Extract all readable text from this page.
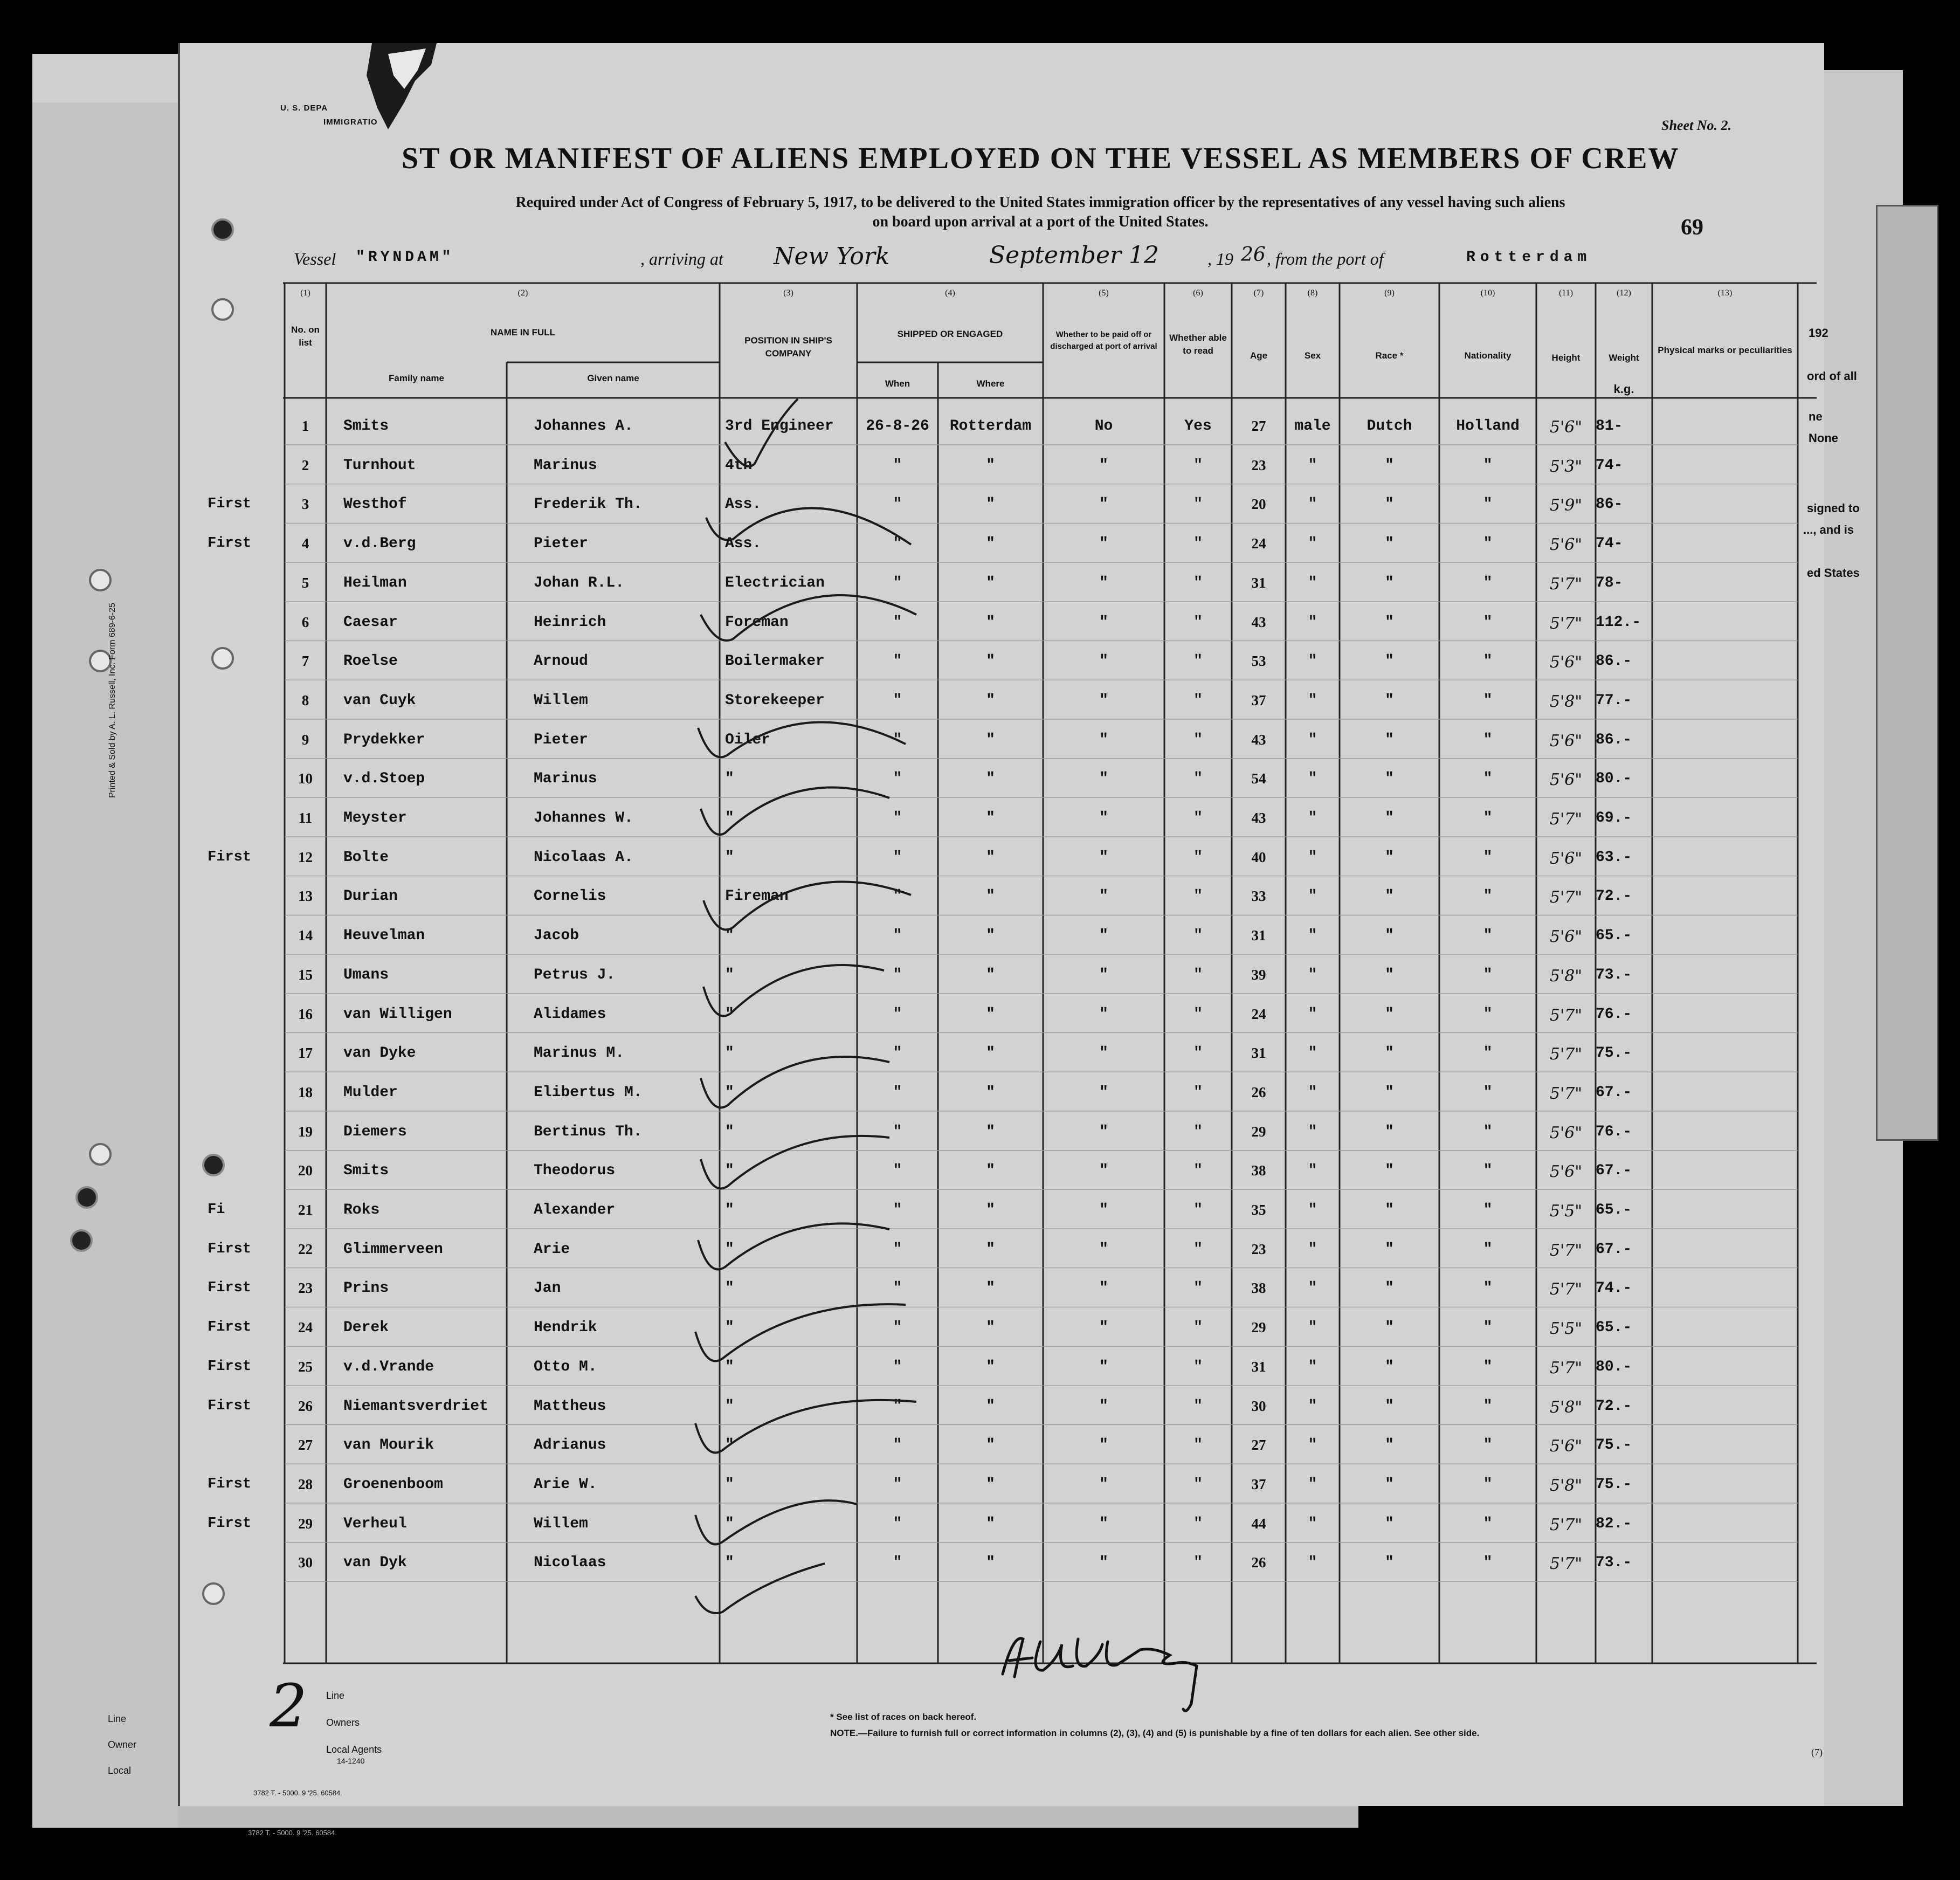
Line
Owner
Local
Printed & Sold by A. L. Russell, Inc. Form 689-6-25
U. S. DEPA
IMMIGRATIO	Sheet No. 2.
ST OR MANIFEST OF ALIENS EMPLOYED ON THE VESSEL AS MEMBERS OF CREW
Required under Act of Congress of February 5, 1917, to be delivered to the United States immigration officer by the representatives of any vessel having such aliens
on board upon arrival at a port of the United States.	69
Vessel "RYNDAM"	, arriving at New York	September 12	, 19 26 , from the port of	Rotterdam
(1)	(2)	(3)	(4)	(5)	(6)	(7)	(8)	(9)	(10)	(11)	(12)	(13)
No. on list
NAME IN FULL
Family name	Given name
POSITION IN SHIP'S COMPANY
SHIPPED OR ENGAGED
When	Where
Whether to be paid off or discharged at port of arrival
Whether able to read	Age	Sex	Race *	Nationality	Height	Weight
k.g.
Physical marks or peculiarities
192
ord of all
ne
None
signed to
..., and is
ed States
(7)
1	Smits	Johannes A.	3rd Engineer	26-8-26	Rotterdam	No	Yes	27	male	Dutch	Holland	5'6" 81-
2	Turnhout	Marinus	4th	"	"	"	"	23	"	"	"	5'3" 74-
First	3	Westhof	Frederik Th.	Ass.	"	"	"	"	20	"	"	"	5'9" 86-
First	4	v.d.Berg	Pieter	Ass.	"	"	"	"	24	"	"	"	5'6" 74-
5	Heilman	Johan R.L.	Electrician	"	"	"	"	31	"	"	"	5'7" 78-
6	Caesar	Heinrich	Foreman	"	"	"	"	43	"	"	"	5'7" 112.-
7	Roelse	Arnoud	Boilermaker	"	"	"	"	53	"	"	"	5'6" 86.-
8	van Cuyk	Willem	Storekeeper	"	"	"	"	37	"	"	"	5'8" 77.-
9	Prydekker	Pieter	Oiler	"	"	"	"	43	"	"	"	5'6" 86.-
10	v.d.Stoep	Marinus	"	"	"	"	"	54	"	"	"	5'6" 80.-
11	Meyster	Johannes W.	"	"	"	"	"	43	"	"	"	5'7" 69.-
First	12	Bolte	Nicolaas A.	"	"	"	"	"	40	"	"	"	5'6" 63.-
13	Durian	Cornelis	Fireman	"	"	"	"	33	"	"	"	5'7" 72.-
14	Heuvelman	Jacob	"	"	"	"	"	31	"	"	"	5'6" 65.-
15	Umans	Petrus J.	"	"	"	"	"	39	"	"	"	5'8" 73.-
16	van Willigen	Alidames	"	"	"	"	"	24	"	"	"	5'7" 76.-
17	van Dyke	Marinus M.	"	"	"	"	"	31	"	"	"	5'7" 75.-
18	Mulder	Elibertus M.	"	"	"	"	"	26	"	"	"	5'7" 67.-
19	Diemers	Bertinus Th.	"	"	"	"	"	29	"	"	"	5'6" 76.-
20	Smits	Theodorus	"	"	"	"	"	38	"	"	"	5'6" 67.-
Fi	21	Roks	Alexander	"	"	"	"	"	35	"	"	"	5'5" 65.-
First	22	Glimmerveen	Arie	"	"	"	"	"	23	"	"	"	5'7" 67.-
First	23	Prins	Jan	"	"	"	"	"	38	"	"	"	5'7" 74.-
First	24	Derek	Hendrik	"	"	"	"	"	29	"	"	"	5'5" 65.-
First	25	v.d.Vrande	Otto M.	"	"	"	"	"	31	"	"	"	5'7" 80.-
First	26	Niemantsverdriet	Mattheus	"	"	"	"	"	30	"	"	"	5'8" 72.-
27	van Mourik	Adrianus	"	"	"	"	"	27	"	"	"	5'6" 75.-
First	28	Groenenboom	Arie W.	"	"	"	"	"	37	"	"	"	5'8" 75.-
First	29	Verheul	Willem	"	"	"	"	"	44	"	"	"	5'7" 82.-
30	van Dyk	Nicolaas	"	"	"	"	"	26	"	"	"	5'7" 73.-
2 Line
Owners
Local Agents
14-1240
* See list of races on back hereof.
NOTE.—Failure to furnish full or correct information in columns (2), (3), (4) and (5) is punishable by a fine of ten dollars for each alien. See other side.
3782 T. - 5000. 9 '25. 60584.
3782 T. - 5000. 9 '25. 60584.
